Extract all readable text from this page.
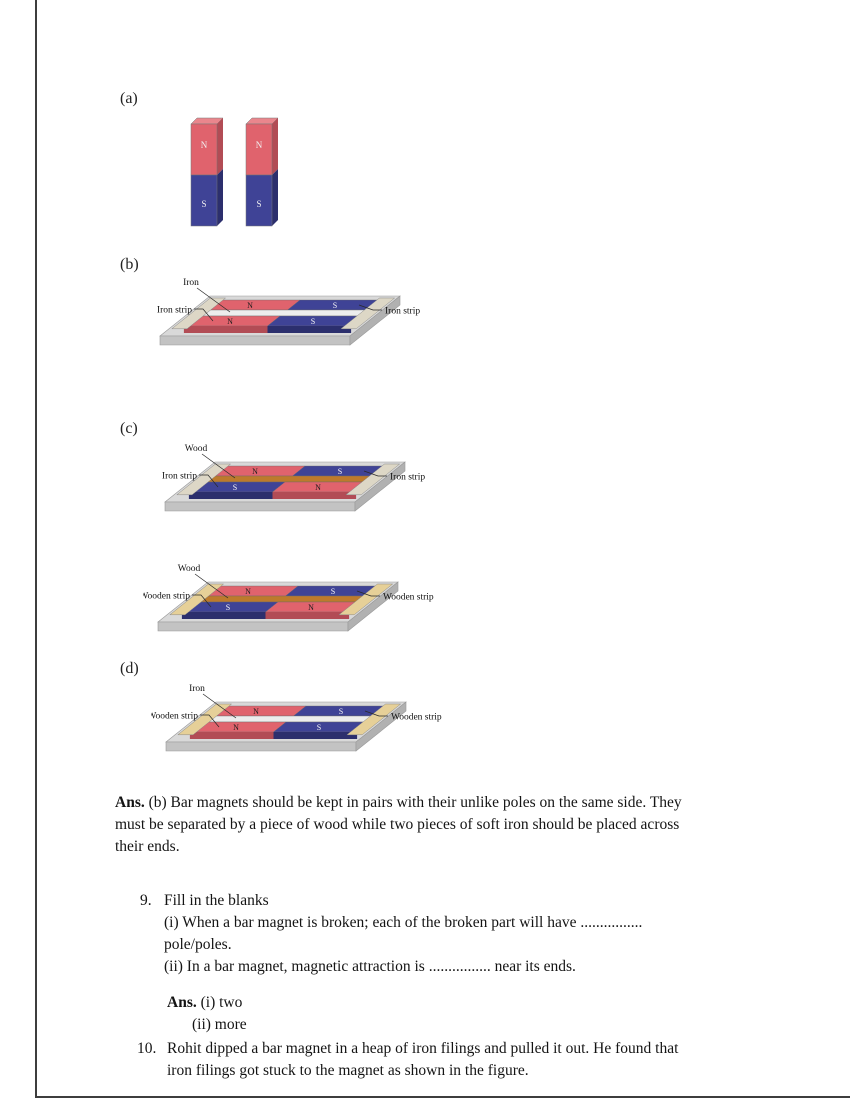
(a)
N
S
N
S
(b)
N	S
N	S
Iron
Iron strip	Iron strip
(c)
N	S
S	N
Wood
Iron strip	Iron strip
N	S
S	N
Wood
Wooden strip	Wooden strip
(d)
N	S
N	S
Iron
Wooden strip	Wooden strip
Ans. (b) Bar magnets should be kept in pairs with their unlike poles on the same side. They
must be separated by a piece of wood while two pieces of soft iron should be placed across
their ends.
9. Fill in the blanks
(i) When a bar magnet is broken; each of the broken part will have ................
pole/poles.
(ii) In a bar magnet, magnetic attraction is ................ near its ends.
Ans. (i) two
(ii) more
10. Rohit dipped a bar magnet in a heap of iron filings and pulled it out. He found that
iron filings got stuck to the magnet as shown in the figure.
